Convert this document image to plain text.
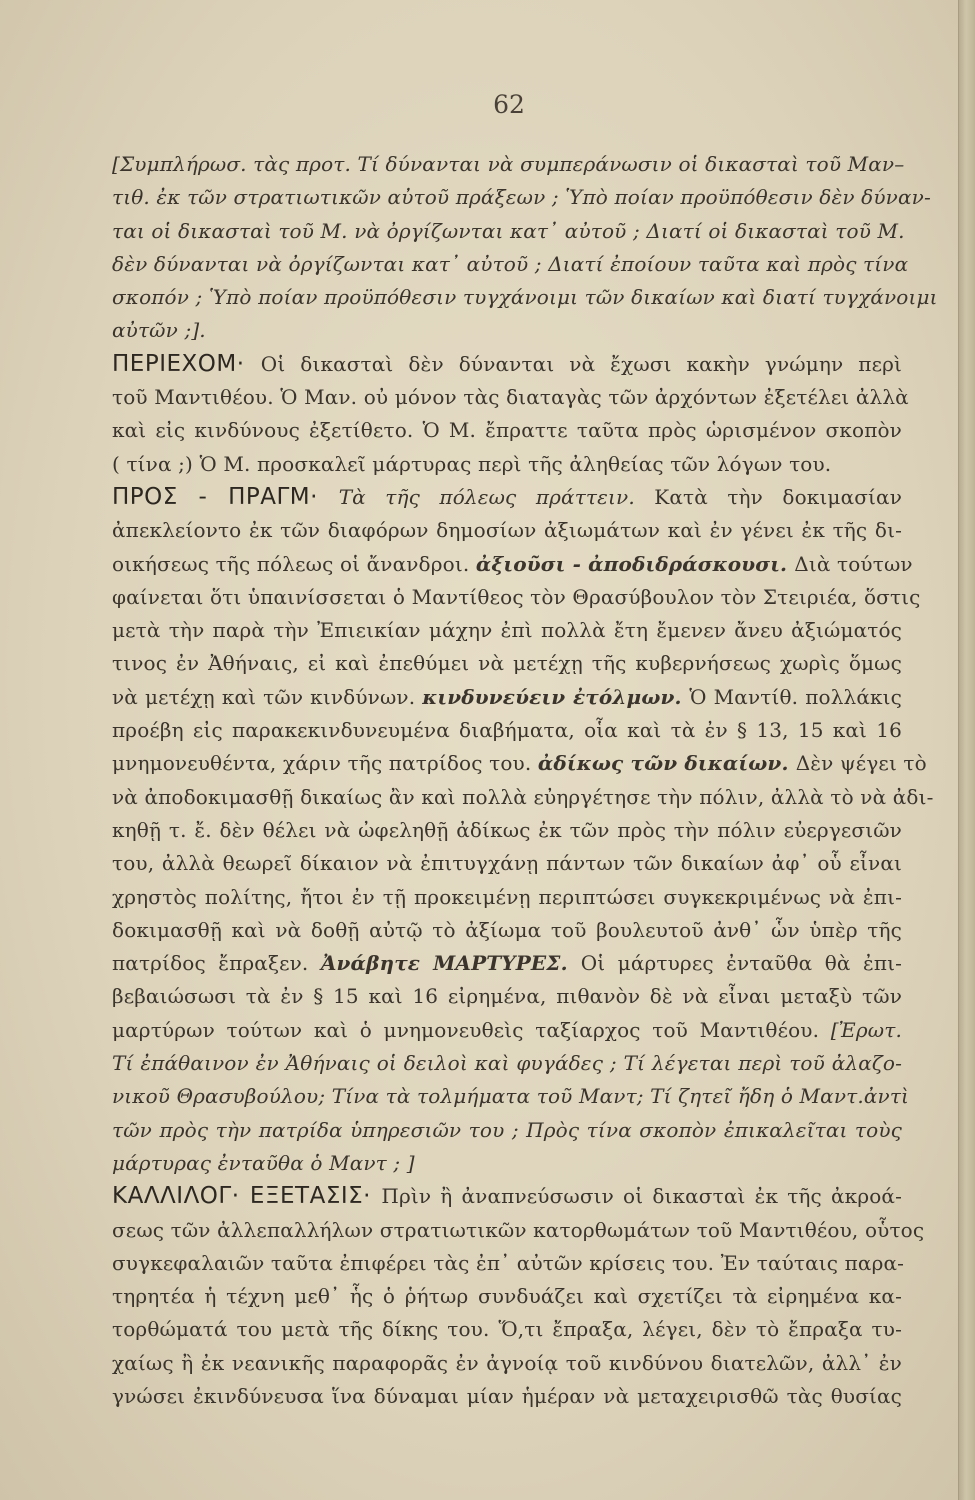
62
[Συμπλήρωσ. τὰς προτ. Τί δύνανται νὰ συμπεράνωσιν οἱ δικασταὶ τοῦ Μαν–
τιθ. ἐκ τῶν στρατιωτικῶν αὐτοῦ πράξεων ; Ὑπὸ ποίαν προϋπόθεσιν δὲν δύναν-
ται οἱ δικασταὶ τοῦ Μ. νὰ ὀργίζωνται κατ᾽ αὐτοῦ ; Διατί οἱ δικασταὶ τοῦ Μ.
δὲν δύνανται νὰ ὀργίζωνται κατ᾽ αὐτοῦ ; Διατί ἐποίουν ταῦτα καὶ πρὸς τίνα
σκοπόν ; Ὑπὸ ποίαν προϋπόθεσιν τυγχάνοιμι τῶν δικαίων καὶ διατί τυγχάνοιμι
αὐτῶν ;].
ΠΕΡΙΕΧΟΜ· Οἱ δικασταὶ δὲν δύνανται νὰ ἔχωσι κακὴν γνώμην περὶ
τοῦ Μαντιθέου. Ὁ Μαν. οὐ μόνον τὰς διαταγὰς τῶν ἀρχόντων ἐξετέλει ἀλλὰ
καὶ εἰς κινδύνους ἐξετίθετο. Ὁ Μ. ἔπραττε ταῦτα πρὸς ὡρισμένον σκοπὸν
( τίνα ;) Ὁ Μ. προσκαλεῖ μάρτυρας περὶ τῆς ἀληθείας τῶν λόγων του.
ΠΡΟΣ - ΠΡΑΓΜ· Τὰ τῆς πόλεως πράττειν. Κατὰ τὴν δοκιμασίαν
ἀπεκλείοντο ἐκ τῶν διαφόρων δημοσίων ἀξιωμάτων καὶ ἐν γένει ἐκ τῆς δι-
οικήσεως τῆς πόλεως οἱ ἄνανδροι. ἀξιοῦσι - ἀποδιδράσκουσι. Διὰ τούτων
φαίνεται ὅτι ὑπαινίσσεται ὁ Μαντίθεος τὸν Θρασύβουλον τὸν Στειριέα, ὅστις
μετὰ τὴν παρὰ τὴν Ἐπιεικίαν μάχην ἐπὶ πολλὰ ἔτη ἔμενεν ἄνευ ἀξιώματός
τινος ἐν Ἀθήναις, εἰ καὶ ἐπεθύμει νὰ μετέχῃ τῆς κυβερνήσεως χωρὶς ὅμως
νὰ μετέχῃ καὶ τῶν κινδύνων. κινδυνεύειν ἐτόλμων. Ὁ Μαντίθ. πολλάκις
προέβη εἰς παρακεκινδυνευμένα διαβήματα, οἷα καὶ τὰ ἐν § 13, 15 καὶ 16
μνημονευθέντα, χάριν τῆς πατρίδος του. ἀδίκως τῶν δικαίων. Δὲν ψέγει τὸ
νὰ ἀποδοκιμασθῇ δικαίως ἂν καὶ πολλὰ εὐηργέτησε τὴν πόλιν, ἀλλὰ τὸ νὰ ἀδι-
κηθῇ τ. ἔ. δὲν θέλει νὰ ὠφεληθῇ ἀδίκως ἐκ τῶν πρὸς τὴν πόλιν εὐεργεσιῶν
του, ἀλλὰ θεωρεῖ δίκαιον νὰ ἐπιτυγχάνῃ πάντων τῶν δικαίων ἀφ᾽ οὗ εἶναι
χρηστὸς πολίτης, ἤτοι ἐν τῇ προκειμένῃ περιπτώσει συγκεκριμένως νὰ ἐπι-
δοκιμασθῇ καὶ νὰ δοθῇ αὐτῷ τὸ ἀξίωμα τοῦ βουλευτοῦ ἀνθ᾽ ὧν ὑπὲρ τῆς
πατρίδος ἔπραξεν. Ἀνάβητε ΜΑΡΤΥΡΕΣ. Οἱ μάρτυρες ἐνταῦθα θὰ ἐπι-
βεβαιώσωσι τὰ ἐν § 15 καὶ 16 εἰρημένα, πιθανὸν δὲ νὰ εἶναι μεταξὺ τῶν
μαρτύρων τούτων καὶ ὁ μνημονευθεὶς ταξίαρχος τοῦ Μαντιθέου. [Ἐρωτ.
Τί ἐπάθαινον ἐν Ἀθήναις οἱ δειλοὶ καὶ φυγάδες ; Τί λέγεται περὶ τοῦ ἀλαζο-
νικοῦ Θρασυβούλου; Τίνα τὰ τολμήματα τοῦ Μαντ; Τί ζητεῖ ἤδη ὁ Μαντ.ἀντὶ
τῶν πρὸς τὴν πατρίδα ὑπηρεσιῶν του ; Πρὸς τίνα σκοπὸν ἐπικαλεῖται τοὺς
μάρτυρας ἐνταῦθα ὁ Μαντ ; ]
ΚΑΛΛΙΛΟΓ· ΕΞΕΤΑΣΙΣ· Πρὶν ἢ ἀναπνεύσωσιν οἱ δικασταὶ ἐκ τῆς ἀκροά-
σεως τῶν ἀλλεπαλλήλων στρατιωτικῶν κατορθωμάτων τοῦ Μαντιθέου, οὗτος
συγκεφαλαιῶν ταῦτα ἐπιφέρει τὰς ἐπ᾽ αὐτῶν κρίσεις του. Ἐν ταύταις παρα-
τηρητέα ἡ τέχνη μεθ᾽ ἧς ὁ ῥήτωρ συνδυάζει καὶ σχετίζει τὰ εἰρημένα κα-
τορθώματά του μετὰ τῆς δίκης του. Ὅ,τι ἔπραξα, λέγει, δὲν τὸ ἔπραξα τυ-
χαίως ἢ ἐκ νεανικῆς παραφορᾶς ἐν ἀγνοίᾳ τοῦ κινδύνου διατελῶν, ἀλλ᾽ ἐν
γνώσει ἐκινδύνευσα ἵνα δύναμαι μίαν ἡμέραν νὰ μεταχειρισθῶ τὰς θυσίας
